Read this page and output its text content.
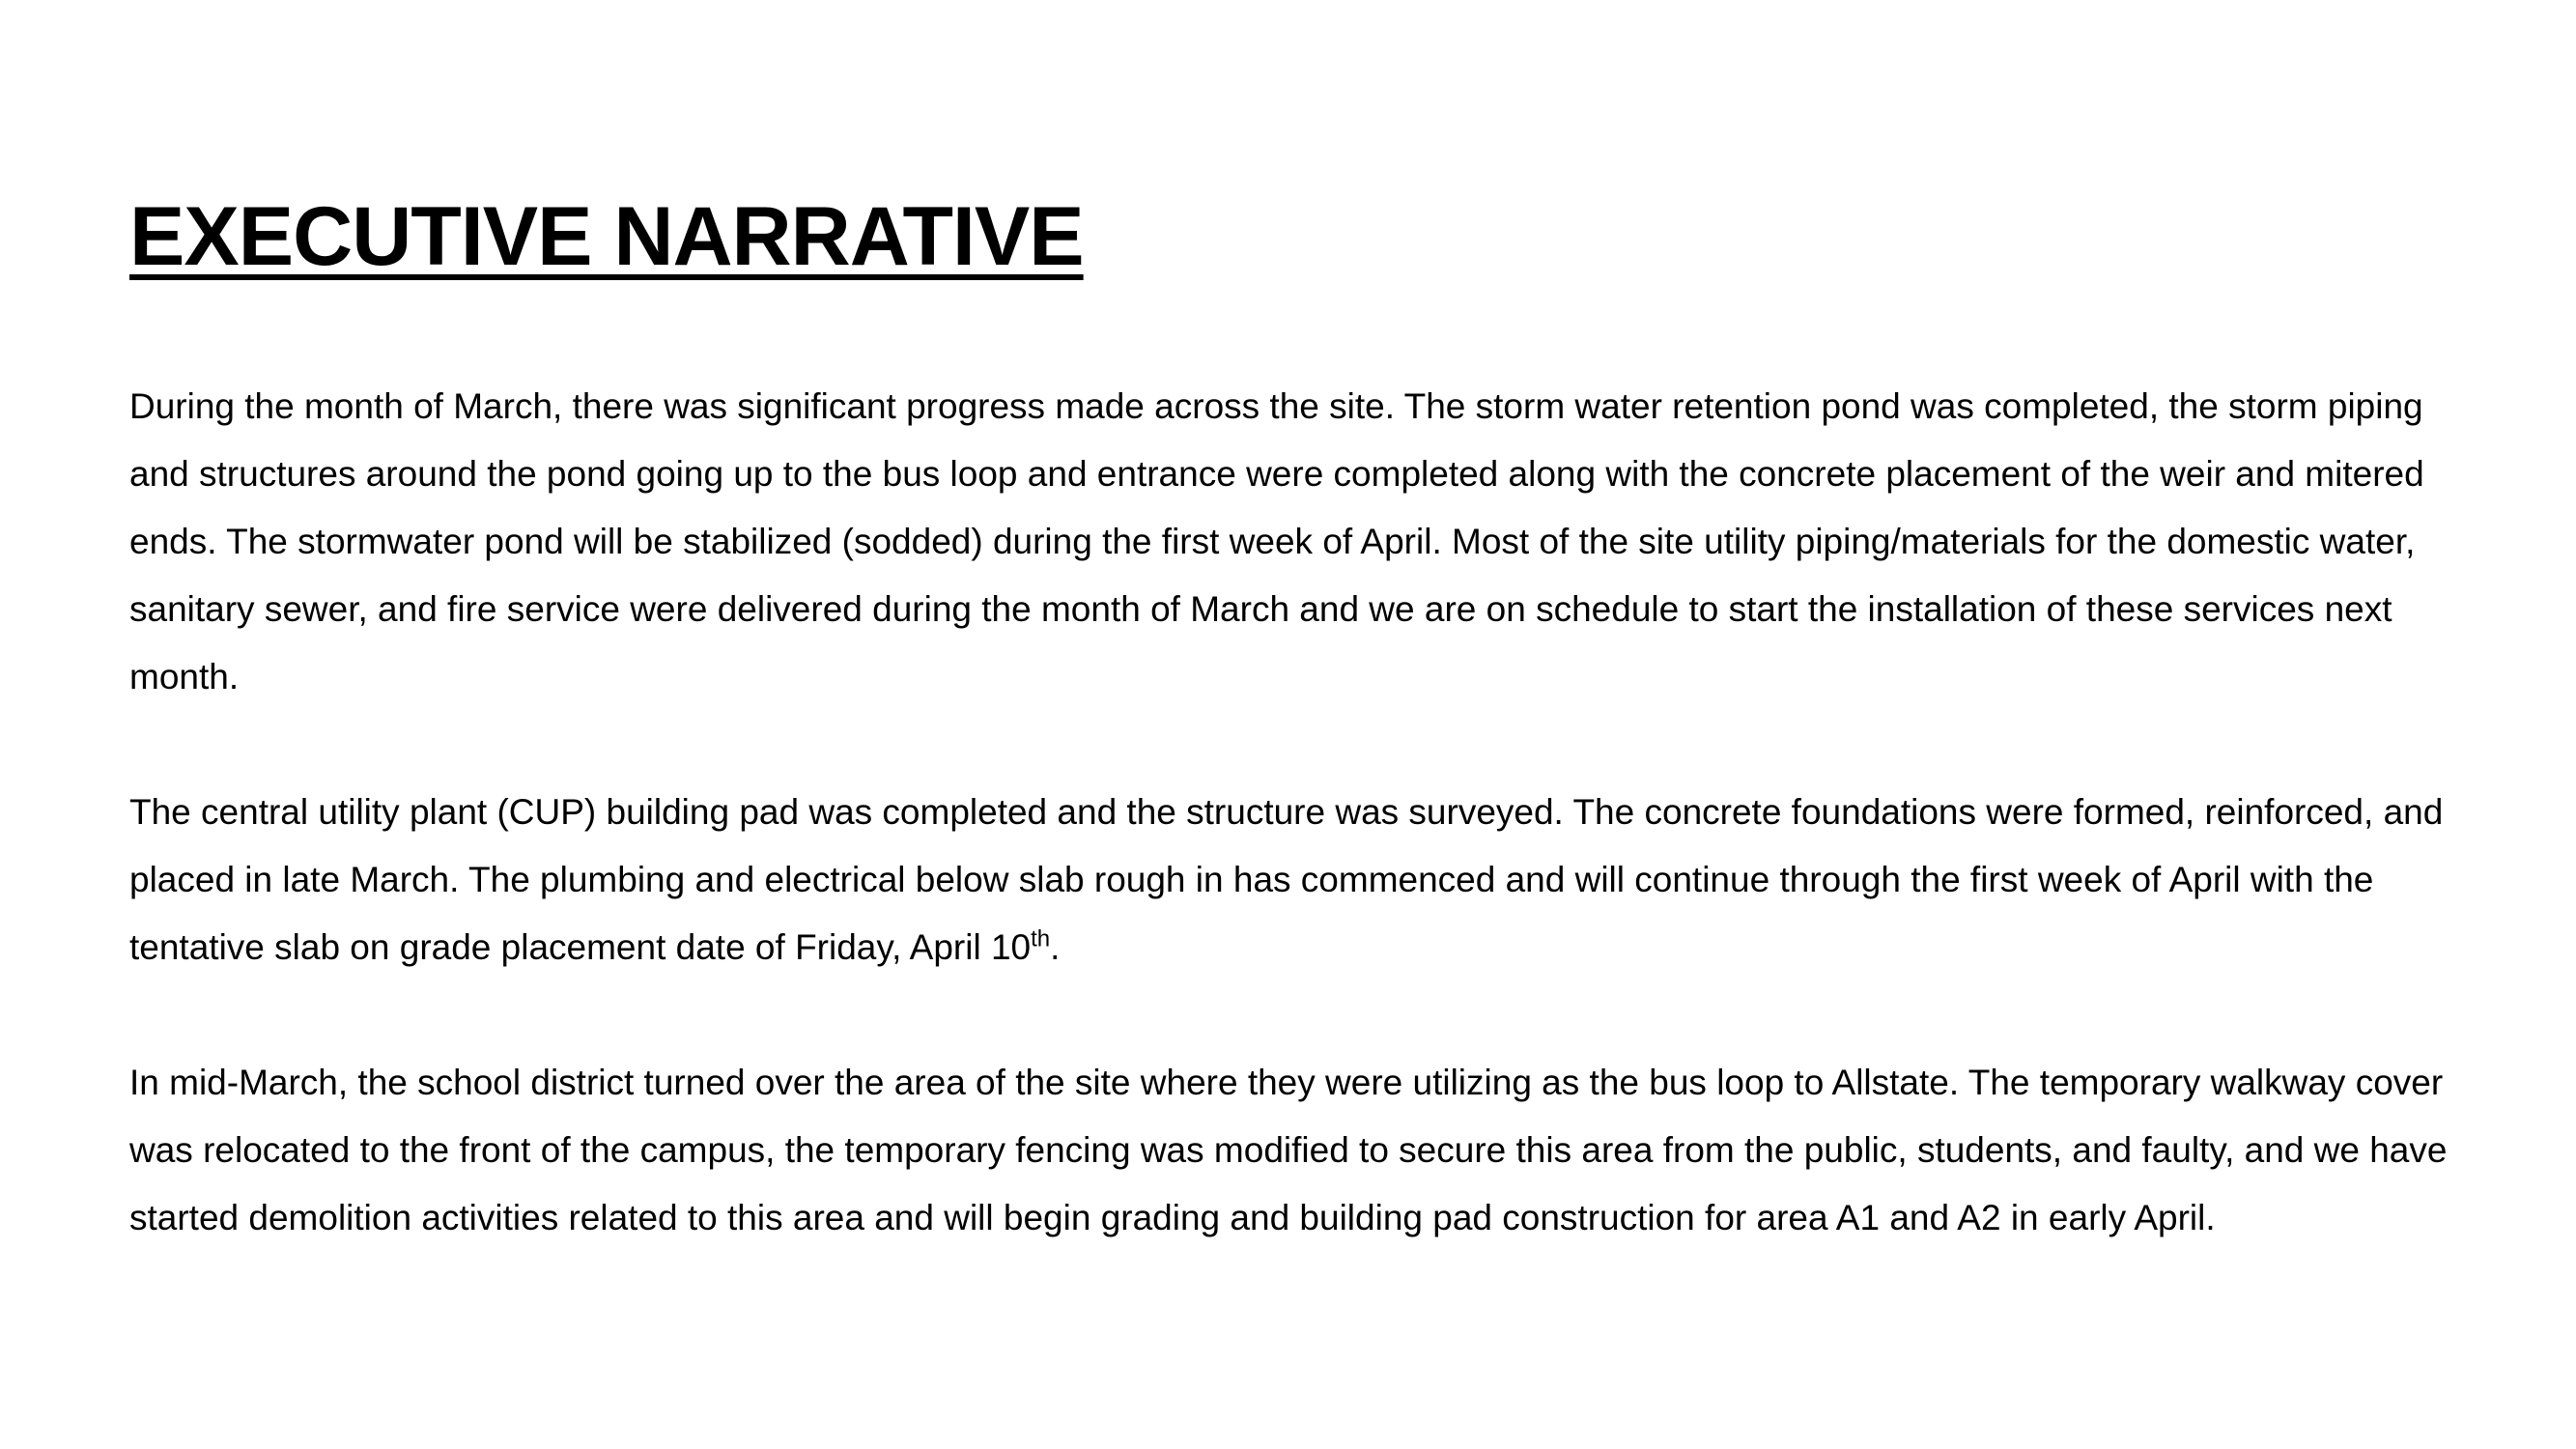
EXECUTIVE NARRATIVE

During the month of March, there was significant progress made across the site. The storm water retention pond was completed, the storm piping and structures around the pond going up to the bus loop and entrance were completed along with the concrete placement of the weir and mitered ends. The stormwater pond will be stabilized (sodded) during the first week of April. Most of the site utility piping/materials for the domestic water, sanitary sewer, and fire service were delivered during the month of March and we are on schedule to start the installation of these services next month.

The central utility plant (CUP) building pad was completed and the structure was surveyed. The concrete foundations were formed, reinforced, and placed in late March. The plumbing and electrical below slab rough in has commenced and will continue through the first week of April with the tentative slab on grade placement date of Friday, April 10th.

In mid-March, the school district turned over the area of the site where they were utilizing as the bus loop to Allstate. The temporary walkway cover was relocated to the front of the campus, the temporary fencing was modified to secure this area from the public, students, and faulty, and we have started demolition activities related to this area and will begin grading and building pad construction for area A1 and A2 in early April.
